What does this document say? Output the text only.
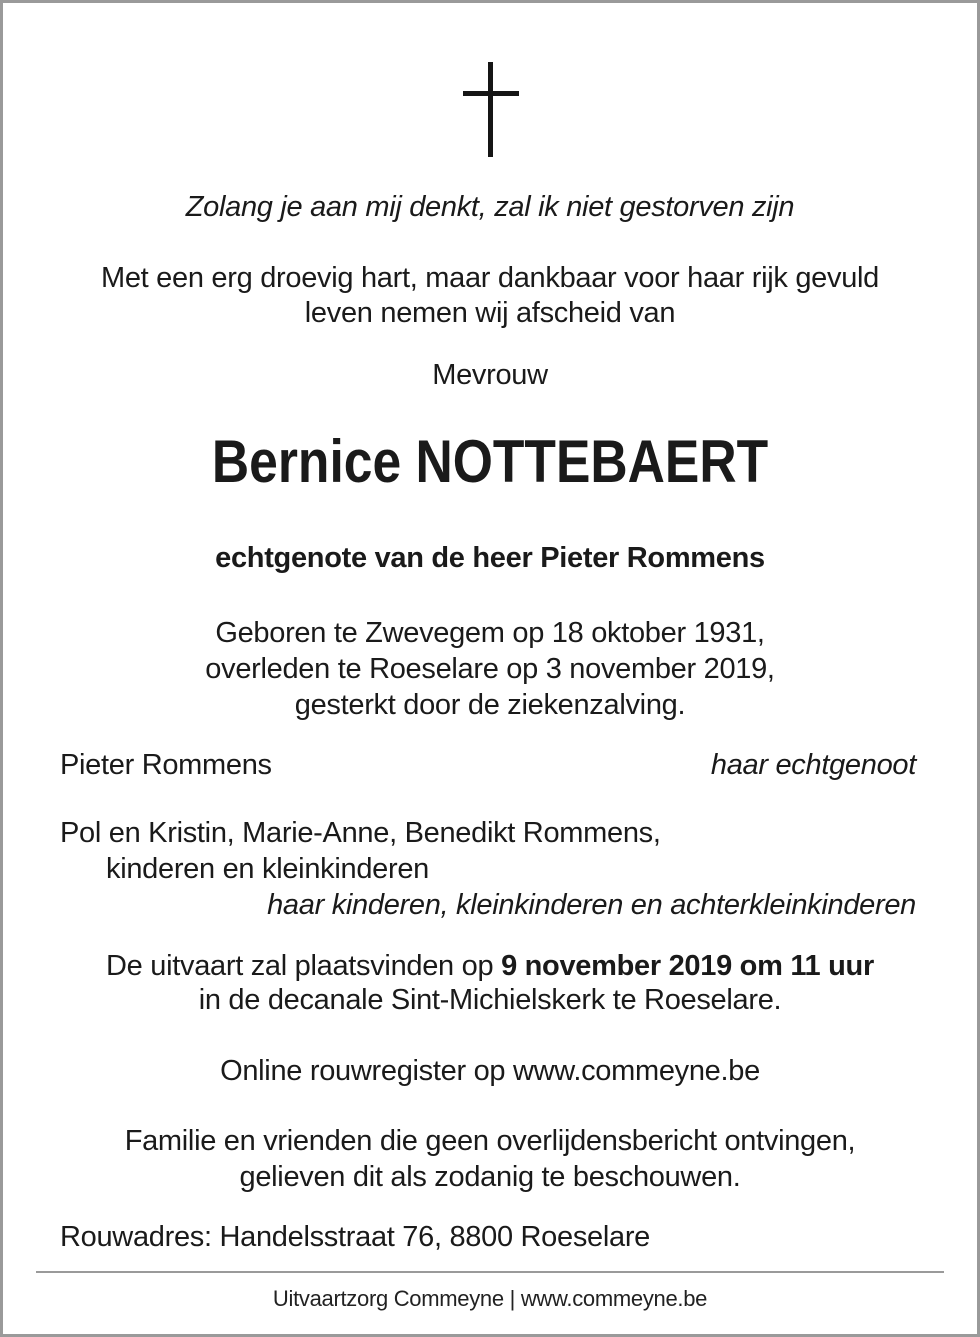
Zolang je aan mij denkt, zal ik niet gestorven zijn
Met een erg droevig hart, maar dankbaar voor haar rijk gevuld
leven nemen wij afscheid van
Mevrouw
Bernice NOTTEBAERT
echtgenote van de heer Pieter Rommens
Geboren te Zwevegem op 18 oktober 1931,
overleden te Roeselare op 3 november 2019,
gesterkt door de ziekenzalving.
Pieter Rommens	haar echtgenoot
Pol en Kristin, Marie-Anne, Benedikt Rommens,
kinderen en kleinkinderen
haar kinderen, kleinkinderen en achterkleinkinderen
De uitvaart zal plaatsvinden op 9 november 2019 om 11 uur
in de decanale Sint-Michielskerk te Roeselare.
Online rouwregister op www.commeyne.be
Familie en vrienden die geen overlijdensbericht ontvingen,
gelieven dit als zodanig te beschouwen.
Rouwadres: Handelsstraat 76, 8800 Roeselare
Uitvaartzorg Commeyne | www.commeyne.be
